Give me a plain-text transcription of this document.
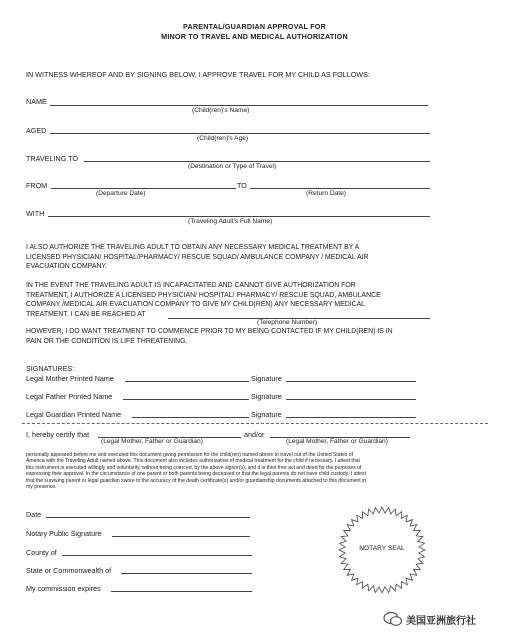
PARENTAL/GUARDIAN APPROVAL FOR
MINOR TO TRAVEL AND MEDICAL AUTHORIZATION
IN WITNESS WHEREOF AND BY SIGNING BELOW, I APPROVE TRAVEL FOR MY CHILD AS FOLLOWS:
NAME
(Child(ren)'s Name)
AGED
(Child(ren)'s Age)
TRAVELING TO
(Destination or Type of Travel)
FROM	TO
(Departure Date)	(Return Date)
WITH
(Traveling Adult's Full Name)
I ALSO AUTHORIZE THE TRAVELING ADULT TO OBTAIN ANY NECESSARY MEDICAL TREATMENT BY A
LICENSED PHYSICIAN/ HOSPITAL/PHARMACY/ RESCUE SQUAD/ AMBULANCE COMPANY / MEDICAL AIR
EVACUATION COMPANY.
IN THE EVENT THE TRAVELING ADULT IS INCAPACITATED AND CANNOT GIVE AUTHORIZATION FOR
TREATMENT, I AUTHORIZE A LICENSED PHYSICIAN/ HOSPITAL/ PHARMACY/ RESCUE SQUAD, AMBULANCE
COMPANY /MEDICAL AIR EVACUATION COMPANY TO GIVE MY CHILD(REN) ANY NECESSARY MEDICAL
TREATMENT. I CAN BE REACHED AT
(Telephone Number)
HOWEVER, I DO WANT TREATMENT TO COMMENCE PRIOR TO MY BEING CONTACTED IF MY CHILD(REN) IS IN
PAIN OR THE CONDITION IS LIFE THREATENING.
SIGNATURES:
Legal Mother Printed Name	Signature
Legal Father Printed Name	Signature
Legal Guardian Printed Name	Signature
I, hereby certify that	and/or
(Legal Mother, Father or Guardian)	(Legal Mother, Father or Guardian)
personally appeared before me and executed this document giving permission for the child(ren) named above to travel out of the United States of
America with the Traveling Adult named above. This document also includes authorization of medical treatment for the child if necessary. I attest that
this instrument is executed willingly and voluntarily, without being coerced, by the above signor(s), and it is their free act and deed for the purposes of
expressing their approval. In the circumstance of one parent or both parents being deceased or that the legal parents do not have child custody, I attest
that the surviving parent or legal guardian swore to the accuracy of the death certificate(s) and/or guardianship documents attached to this document in
my presence.
Date
Notary Public Signature
County of
State or Commonwealth of
My commission expires
NOTARY SEAL
美国亚洲旅行社
